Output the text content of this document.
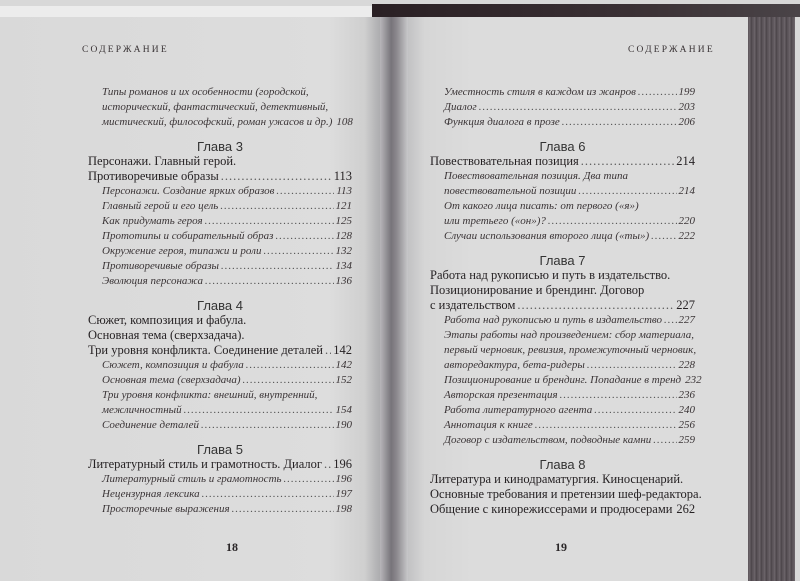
СОДЕРЖАНИЕ	СОДЕРЖАНИЕ
Типы романов и их особенности (городской,
исторический, фантастический, детективный,
мистический, философский, роман ужасов и др.) 108
Глава 3
Персонажи. Главный герой.
Противоречивые образы .....	113
Персонажи. Создание ярких образов .....	113
Главный герой и его цель .....	121
Как придумать героя .....	125
Прототипы и собирательный образ .....	128
Окружение героя, типажи и роли .....	132
Противоречивые образы .....	134
Эволюция персонажа .....	136
Глава 4
Сюжет, композиция и фабула.
Основная тема (сверхзадача).
Три уровня конфликта. Соединение деталей ..... 142
Сюжет, композиция и фабула .....	142
Основная тема (сверхзадача) .....	152
Три уровня конфликта: внешний, внутренний,
межличностный .....	154
Соединение деталей .....	190
Глава 5
Литературный стиль и грамотность. Диалог ..... 196
Литературный стиль и грамотность .....	196
Нецензурная лексика .....	197
Просторечные выражения .....	198
Уместность стиля в каждом из жанров .....	199
Диалог .....	203
Функция диалога в прозе .....	206
Глава 6
Повествовательная позиция .....	214
Повествовательная позиция. Два типа
повествовательной позиции .....	214
От какого лица писать: от первого («я»)
или третьего («он»)? .....	220
Случаи использования второго лица («ты») .....	222
Глава 7
Работа над рукописью и путь в издательство.
Позиционирование и брендинг. Договор
с издательством .....	227
Работа над рукописью и путь в издательство ..... 227
Этапы работы над произведением: сбор материала,
первый черновик, ревизия, промежуточный черновик,
авторедактура, бета-ридеры .....	228
Позиционирование и брендинг. Попадание в тренд 232
Авторская презентация .....	236
Работа литературного агента .....	240
Аннотация к книге .....	256
Договор с издательством, подводные камни ..... 259
Глава 8
Литература и кинодраматургия. Киносценарий.
Основные требования и претензии шеф-редактора.
Общение с кинорежиссерами и продюсерами 262
18	19
